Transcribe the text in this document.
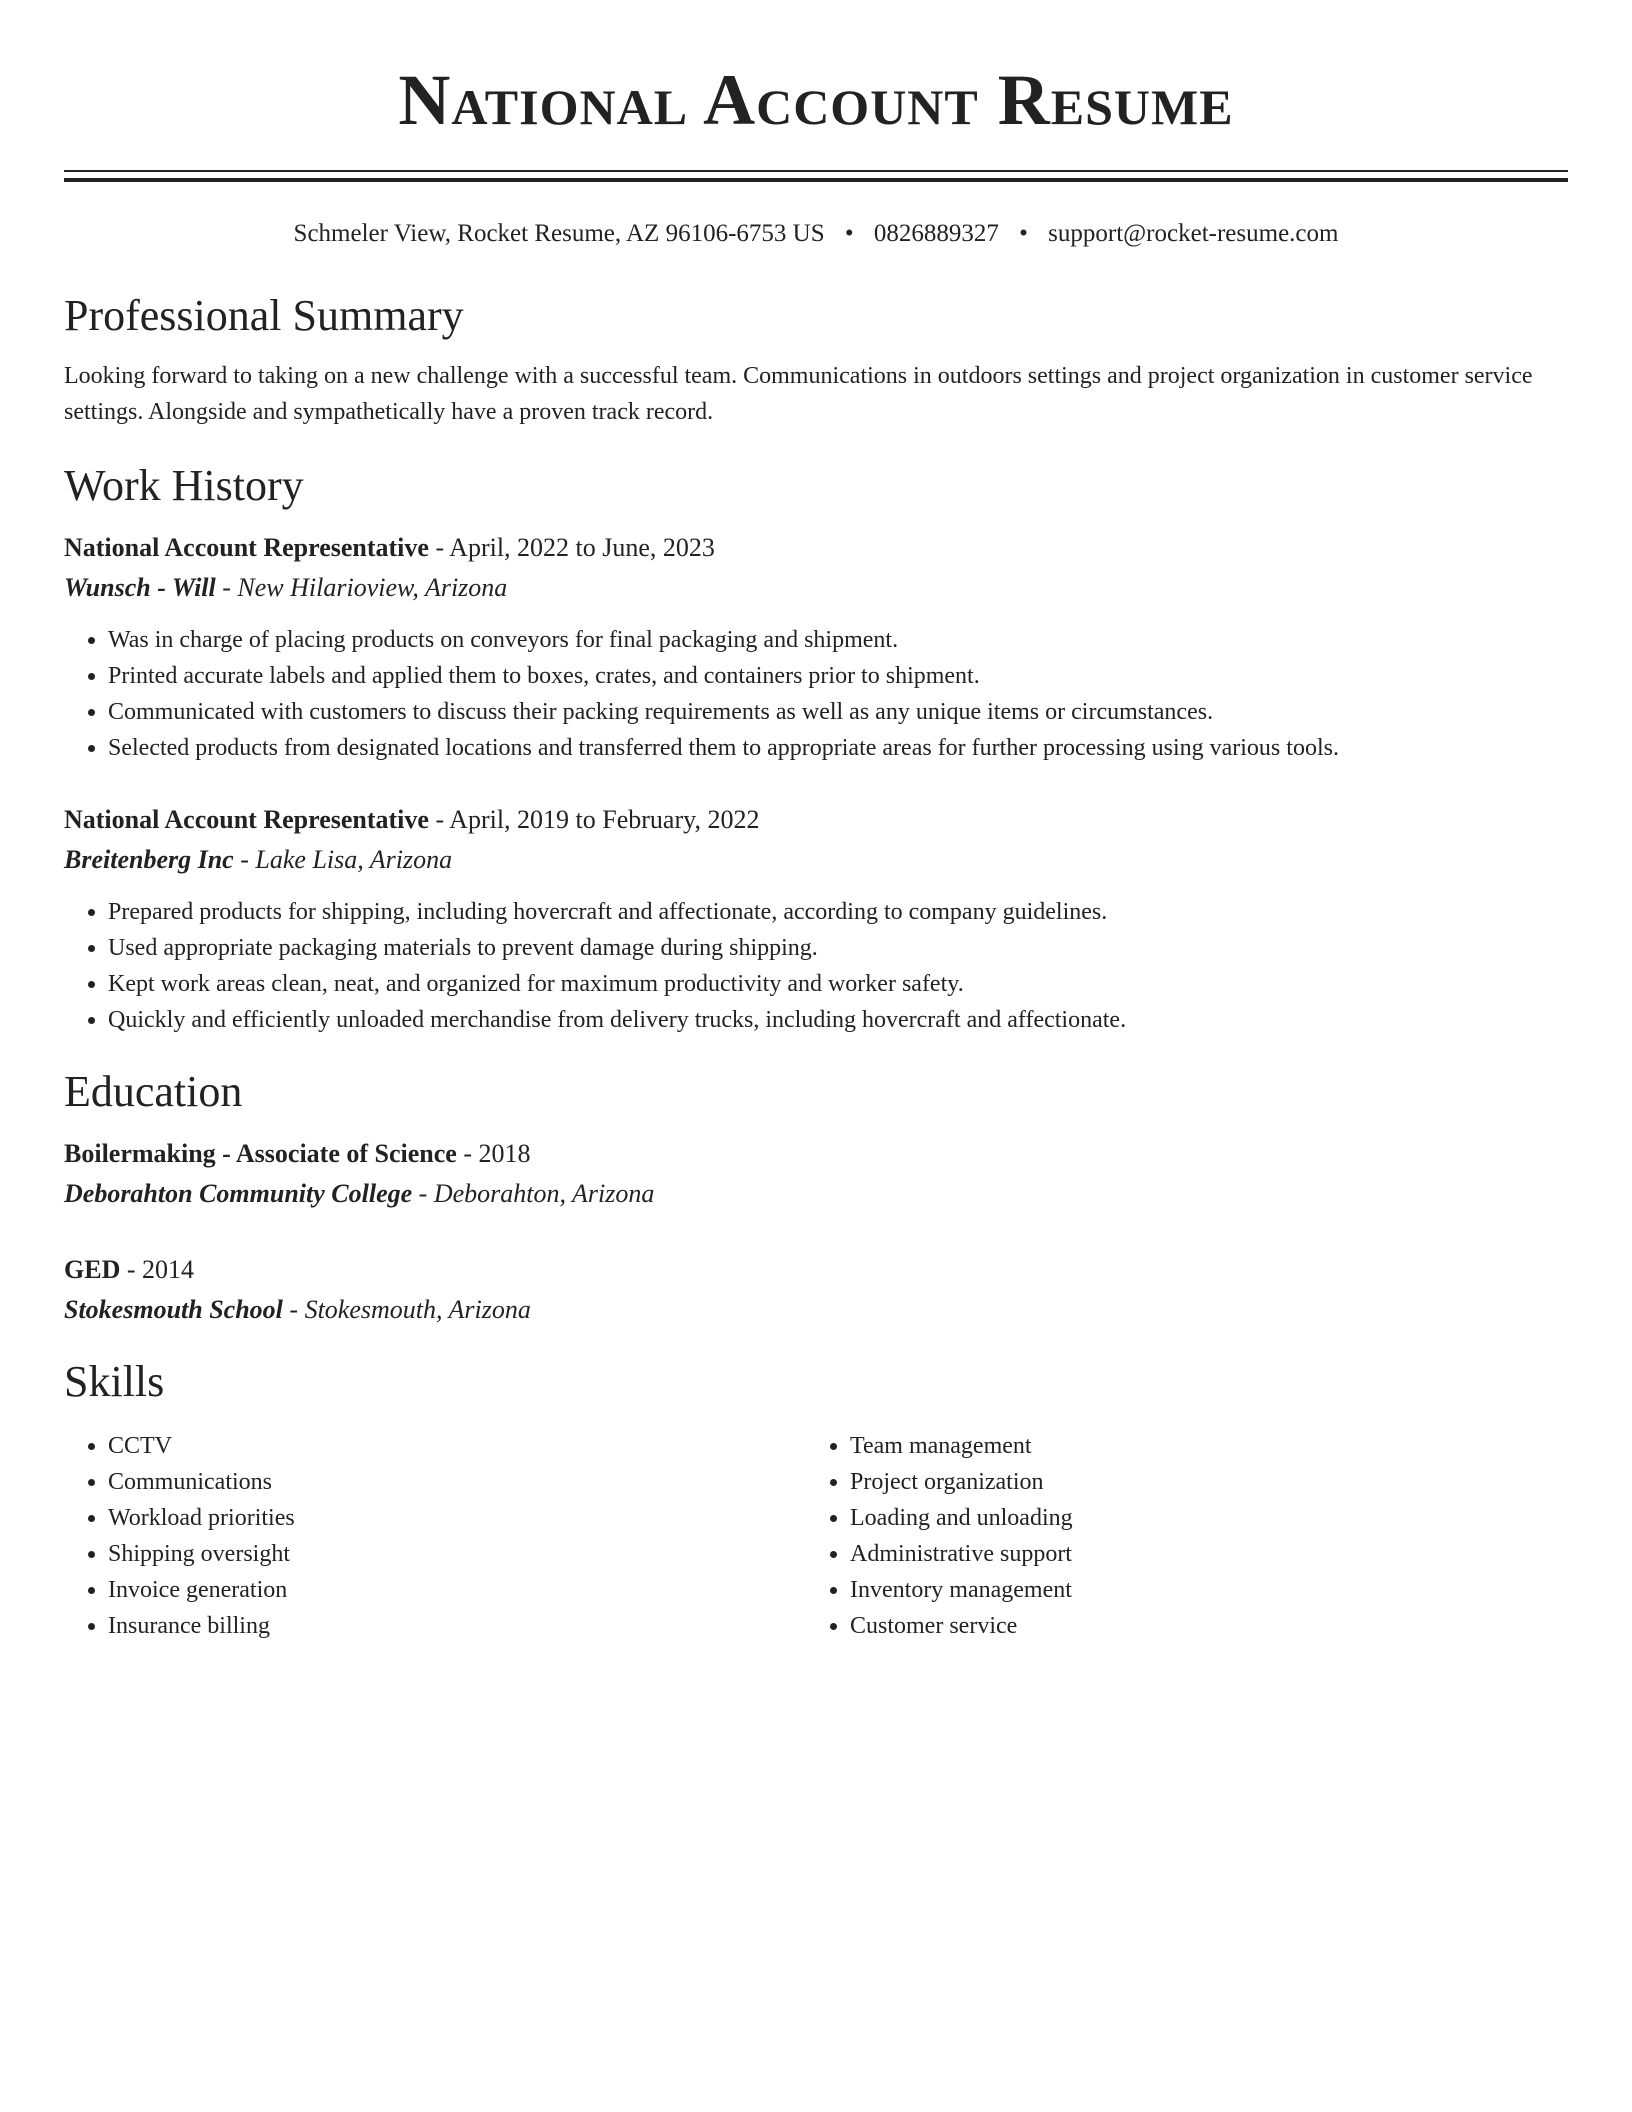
National Account Resume
Schmeler View, Rocket Resume, AZ 96106-6753 US • 0826889327 • support@rocket-resume.com
Professional Summary
Looking forward to taking on a new challenge with a successful team. Communications in outdoors settings and project organization in customer service settings. Alongside and sympathetically have a proven track record.
Work History
National Account Representative - April, 2022 to June, 2023
Wunsch - Will - New Hilarioview, Arizona
• Was in charge of placing products on conveyors for final packaging and shipment.
• Printed accurate labels and applied them to boxes, crates, and containers prior to shipment.
• Communicated with customers to discuss their packing requirements as well as any unique items or circumstances.
• Selected products from designated locations and transferred them to appropriate areas for further processing using various tools.
National Account Representative - April, 2019 to February, 2022
Breitenberg Inc - Lake Lisa, Arizona
• Prepared products for shipping, including hovercraft and affectionate, according to company guidelines.
• Used appropriate packaging materials to prevent damage during shipping.
• Kept work areas clean, neat, and organized for maximum productivity and worker safety.
• Quickly and efficiently unloaded merchandise from delivery trucks, including hovercraft and affectionate.
Education
Boilermaking - Associate of Science - 2018
Deborahton Community College - Deborahton, Arizona
GED - 2014
Stokesmouth School - Stokesmouth, Arizona
Skills
• CCTV
• Communications
• Workload priorities
• Shipping oversight
• Invoice generation
• Insurance billing
• Team management
• Project organization
• Loading and unloading
• Administrative support
• Inventory management
• Customer service
